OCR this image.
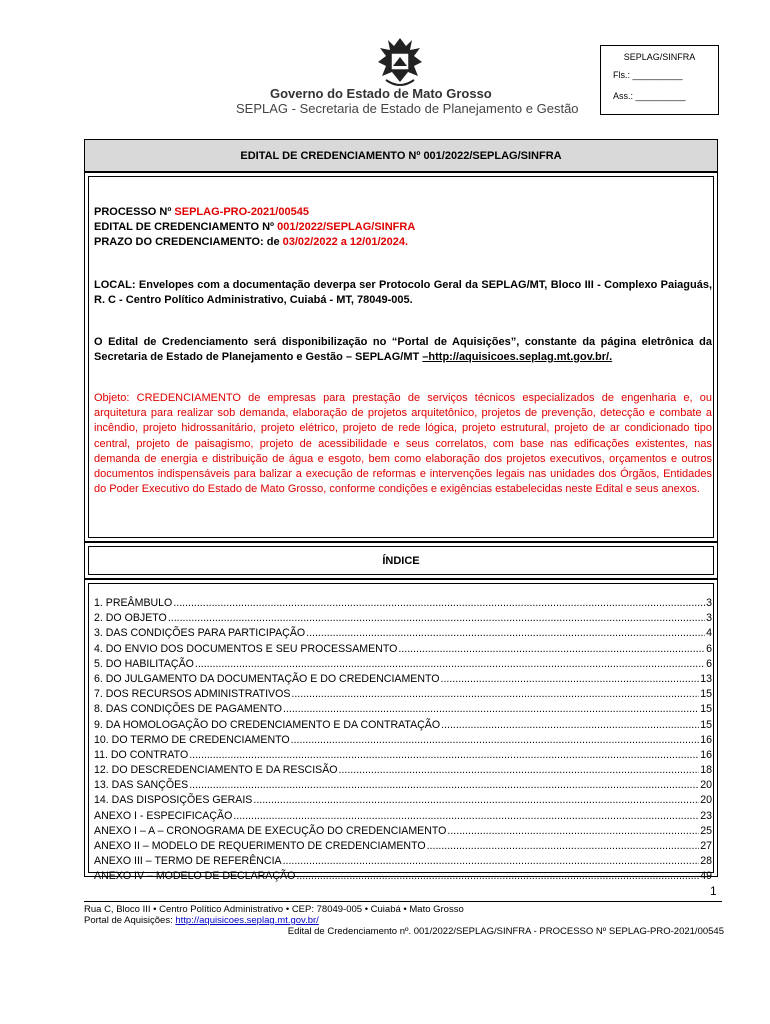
Governo do Estado de Mato Grosso
SEPLAG - Secretaria de Estado de Planejamento e Gestão
SEPLAG/SINFRA
Fls.: __________
Ass.: __________
EDITAL DE CREDENCIAMENTO Nº 001/2022/SEPLAG/SINFRA
PROCESSO Nº SEPLAG-PRO-2021/00545
EDITAL DE CREDENCIAMENTO Nº 001/2022/SEPLAG/SINFRA
PRAZO DO CREDENCIAMENTO: de 03/02/2022 a 12/01/2024.
LOCAL: Envelopes com a documentação deverpa ser Protocolo Geral da SEPLAG/MT, Bloco III - Complexo Paiaguás, R. C - Centro Político Administrativo, Cuiabá - MT, 78049-005.
O Edital de Credenciamento será disponibilização no “Portal de Aquisições”, constante da página eletrônica da Secretaria de Estado de Planejamento e Gestão – SEPLAG/MT –http://aquisicoes.seplag.mt.gov.br/.
Objeto: CREDENCIAMENTO de empresas para prestação de serviços técnicos especializados de engenharia e, ou arquitetura para realizar sob demanda, elaboração de projetos arquitetônico, projetos de prevenção, detecção e combate a incêndio, projeto hidrossanitário, projeto elétrico, projeto de rede lógica, projeto estrutural, projeto de ar condicionado tipo central, projeto de paisagismo, projeto de acessibilidade e seus correlatos, com base nas edificações existentes, nas demanda de energia e distribuição de água e esgoto, bem como elaboração dos projetos executivos, orçamentos e outros documentos indispensáveis para balizar a execução de reformas e intervenções legais nas unidades dos Órgãos, Entidades do Poder Executivo do Estado de Mato Grosso, conforme condições e exigências estabelecidas neste Edital e seus anexos.
ÍNDICE
1. PREÂMBULO .....	3
2. DO OBJETO .....	3
3. DAS CONDIÇÕES PARA PARTICIPAÇÃO .....	4
4. DO ENVIO DOS DOCUMENTOS E SEU PROCESSAMENTO .....	6
5. DO HABILITAÇÃO .....	6
6. DO JULGAMENTO DA DOCUMENTAÇÃO E DO CREDENCIAMENTO .....	13
7. DOS RECURSOS ADMINISTRATIVOS .....	15
8. DAS CONDIÇÕES DE PAGAMENTO .....	15
9. DA HOMOLOGAÇÃO DO CREDENCIAMENTO E DA CONTRATAÇÃO .....	15
10. DO TERMO DE CREDENCIAMENTO .....	16
11. DO CONTRATO .....	16
12. DO DESCREDENCIAMENTO E DA RESCISÃO .....	18
13. DAS SANÇÕES .....	20
14. DAS DISPOSIÇÕES GERAIS .....	20
ANEXO I - ESPECIFICAÇÃO .....	23
ANEXO I – A – CRONOGRAMA DE EXECUÇÃO DO CREDENCIAMENTO .....	25
ANEXO II – MODELO DE REQUERIMENTO DE CREDENCIAMENTO .....	27
ANEXO III – TERMO DE REFERÊNCIA .....	28
ANEXO IV – MODELO DE DECLARAÇÃO .....	49
1
Rua C, Bloco III • Centro Político Administrativo • CEP: 78049-005 • Cuiabá • Mato Grosso
Portal de Aquisições: http://aquisicoes.seplag.mt.gov.br/
Edital de Credenciamento nº. 001/2022/SEPLAG/SINFRA - PROCESSO Nº SEPLAG-PRO-2021/00545
